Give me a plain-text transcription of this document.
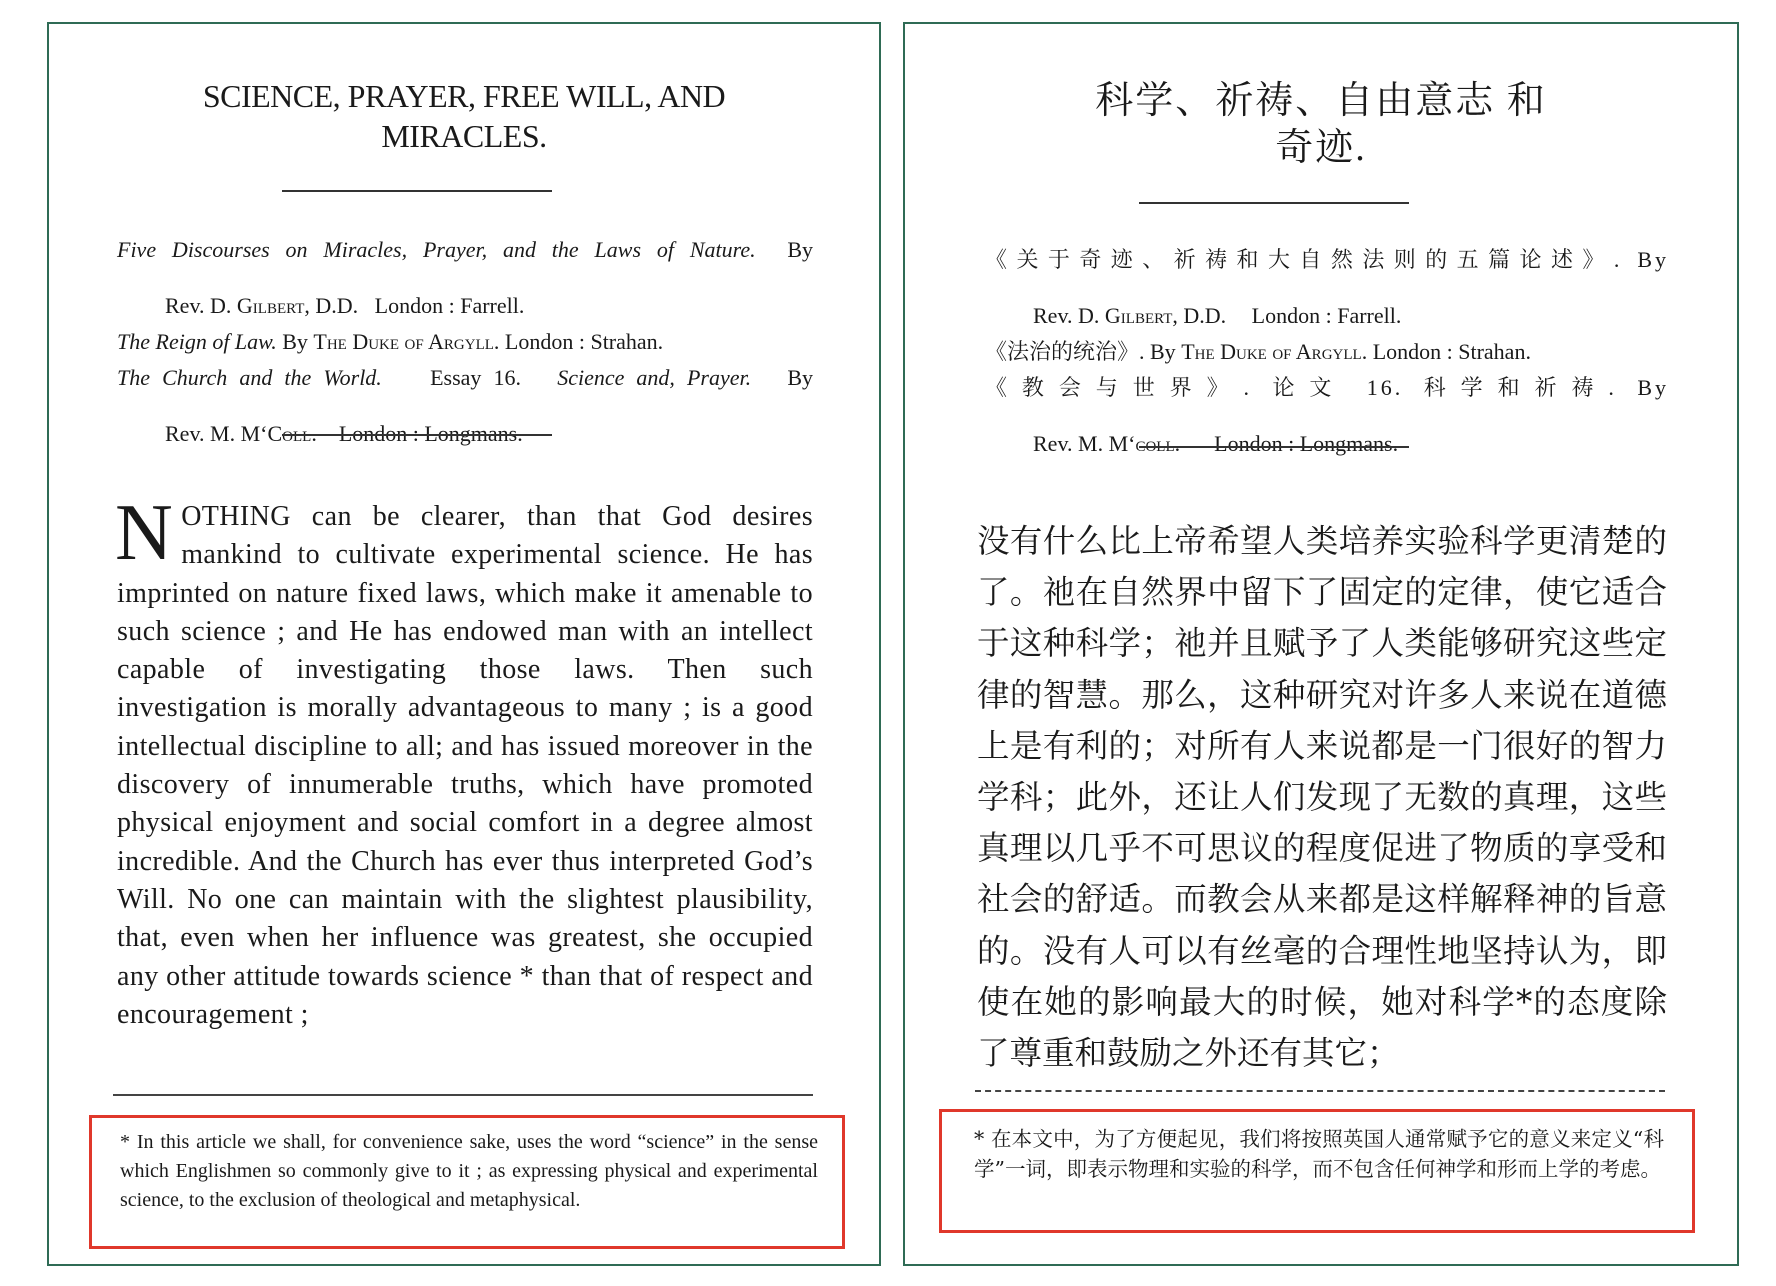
SCIENCE, PRAYER, FREE WILL, AND MIRACLES.

Five Discourses on Miracles, Prayer, and the Laws of Nature. By Rev. D. Gilbert, D.D. London : Farrell.

The Reign of Law. By The Duke of Argyll. London : Strahan.

The Church and the World. Essay 16. Science and, Prayer. By Rev. M. M‘Coll. London : Longmans.

NOTHING can be clearer, than that God desires mankind to cultivate experimental science. He has imprinted on nature fixed laws, which make it amenable to such science ; and He has endowed man with an intellect capable of investigating those laws. Then such investigation is morally advantageous to many ; is a good intellectual discipline to all; and has issued moreover in the discovery of innumerable truths, which have promoted physical enjoyment and social comfort in a degree almost incredible. And the Church has ever thus interpreted God’s Will. No one can maintain with the slightest plausibility, that, even when her influence was greatest, she occupied any other attitude towards science * than that of respect and encouragement ;
* In this article we shall, for convenience sake, uses the word “science” in the sense which Englishmen so commonly give to it ; as expressing physical and experimental science, to the exclusion of theological and metaphysical.
科学、祈祷、自由意志 和
奇迹.

《关于奇迹、祈祷和大自然法则的五篇论述》. By Rev. D. Gilbert, D.D. London : Farrell.

《法治的统治》. By The Duke of Argyll. London : Strahan.

《教会与世界》. 论文 16. 科学和祈祷. By Rev. M. M‘coll. London : Longmans.

没有什么比上帝希望人类培养实验科学更清楚的了。祂在自然界中留下了固定的定律，使它适合于这种科学；祂并且赋予了人类能够研究这些定律的智慧。那么，这种研究对许多人来说在道德上是有利的；对所有人来说都是一门很好的智力学科；此外，还让人们发现了无数的真理，这些真理以几乎不可思议的程度促进了物质的享受和社会的舒适。而教会从来都是这样解释神的旨意的。没有人可以有丝毫的合理性地坚持认为，即使在她的影响最大的时候，她对科学*的态度除了尊重和鼓励之外还有其它；
* 在本文中，为了方便起见，我们将按照英国人通常赋予它的意义来定义“科学”一词，即表示物理和实验的科学，而不包含任何神学和形而上学的考虑。
